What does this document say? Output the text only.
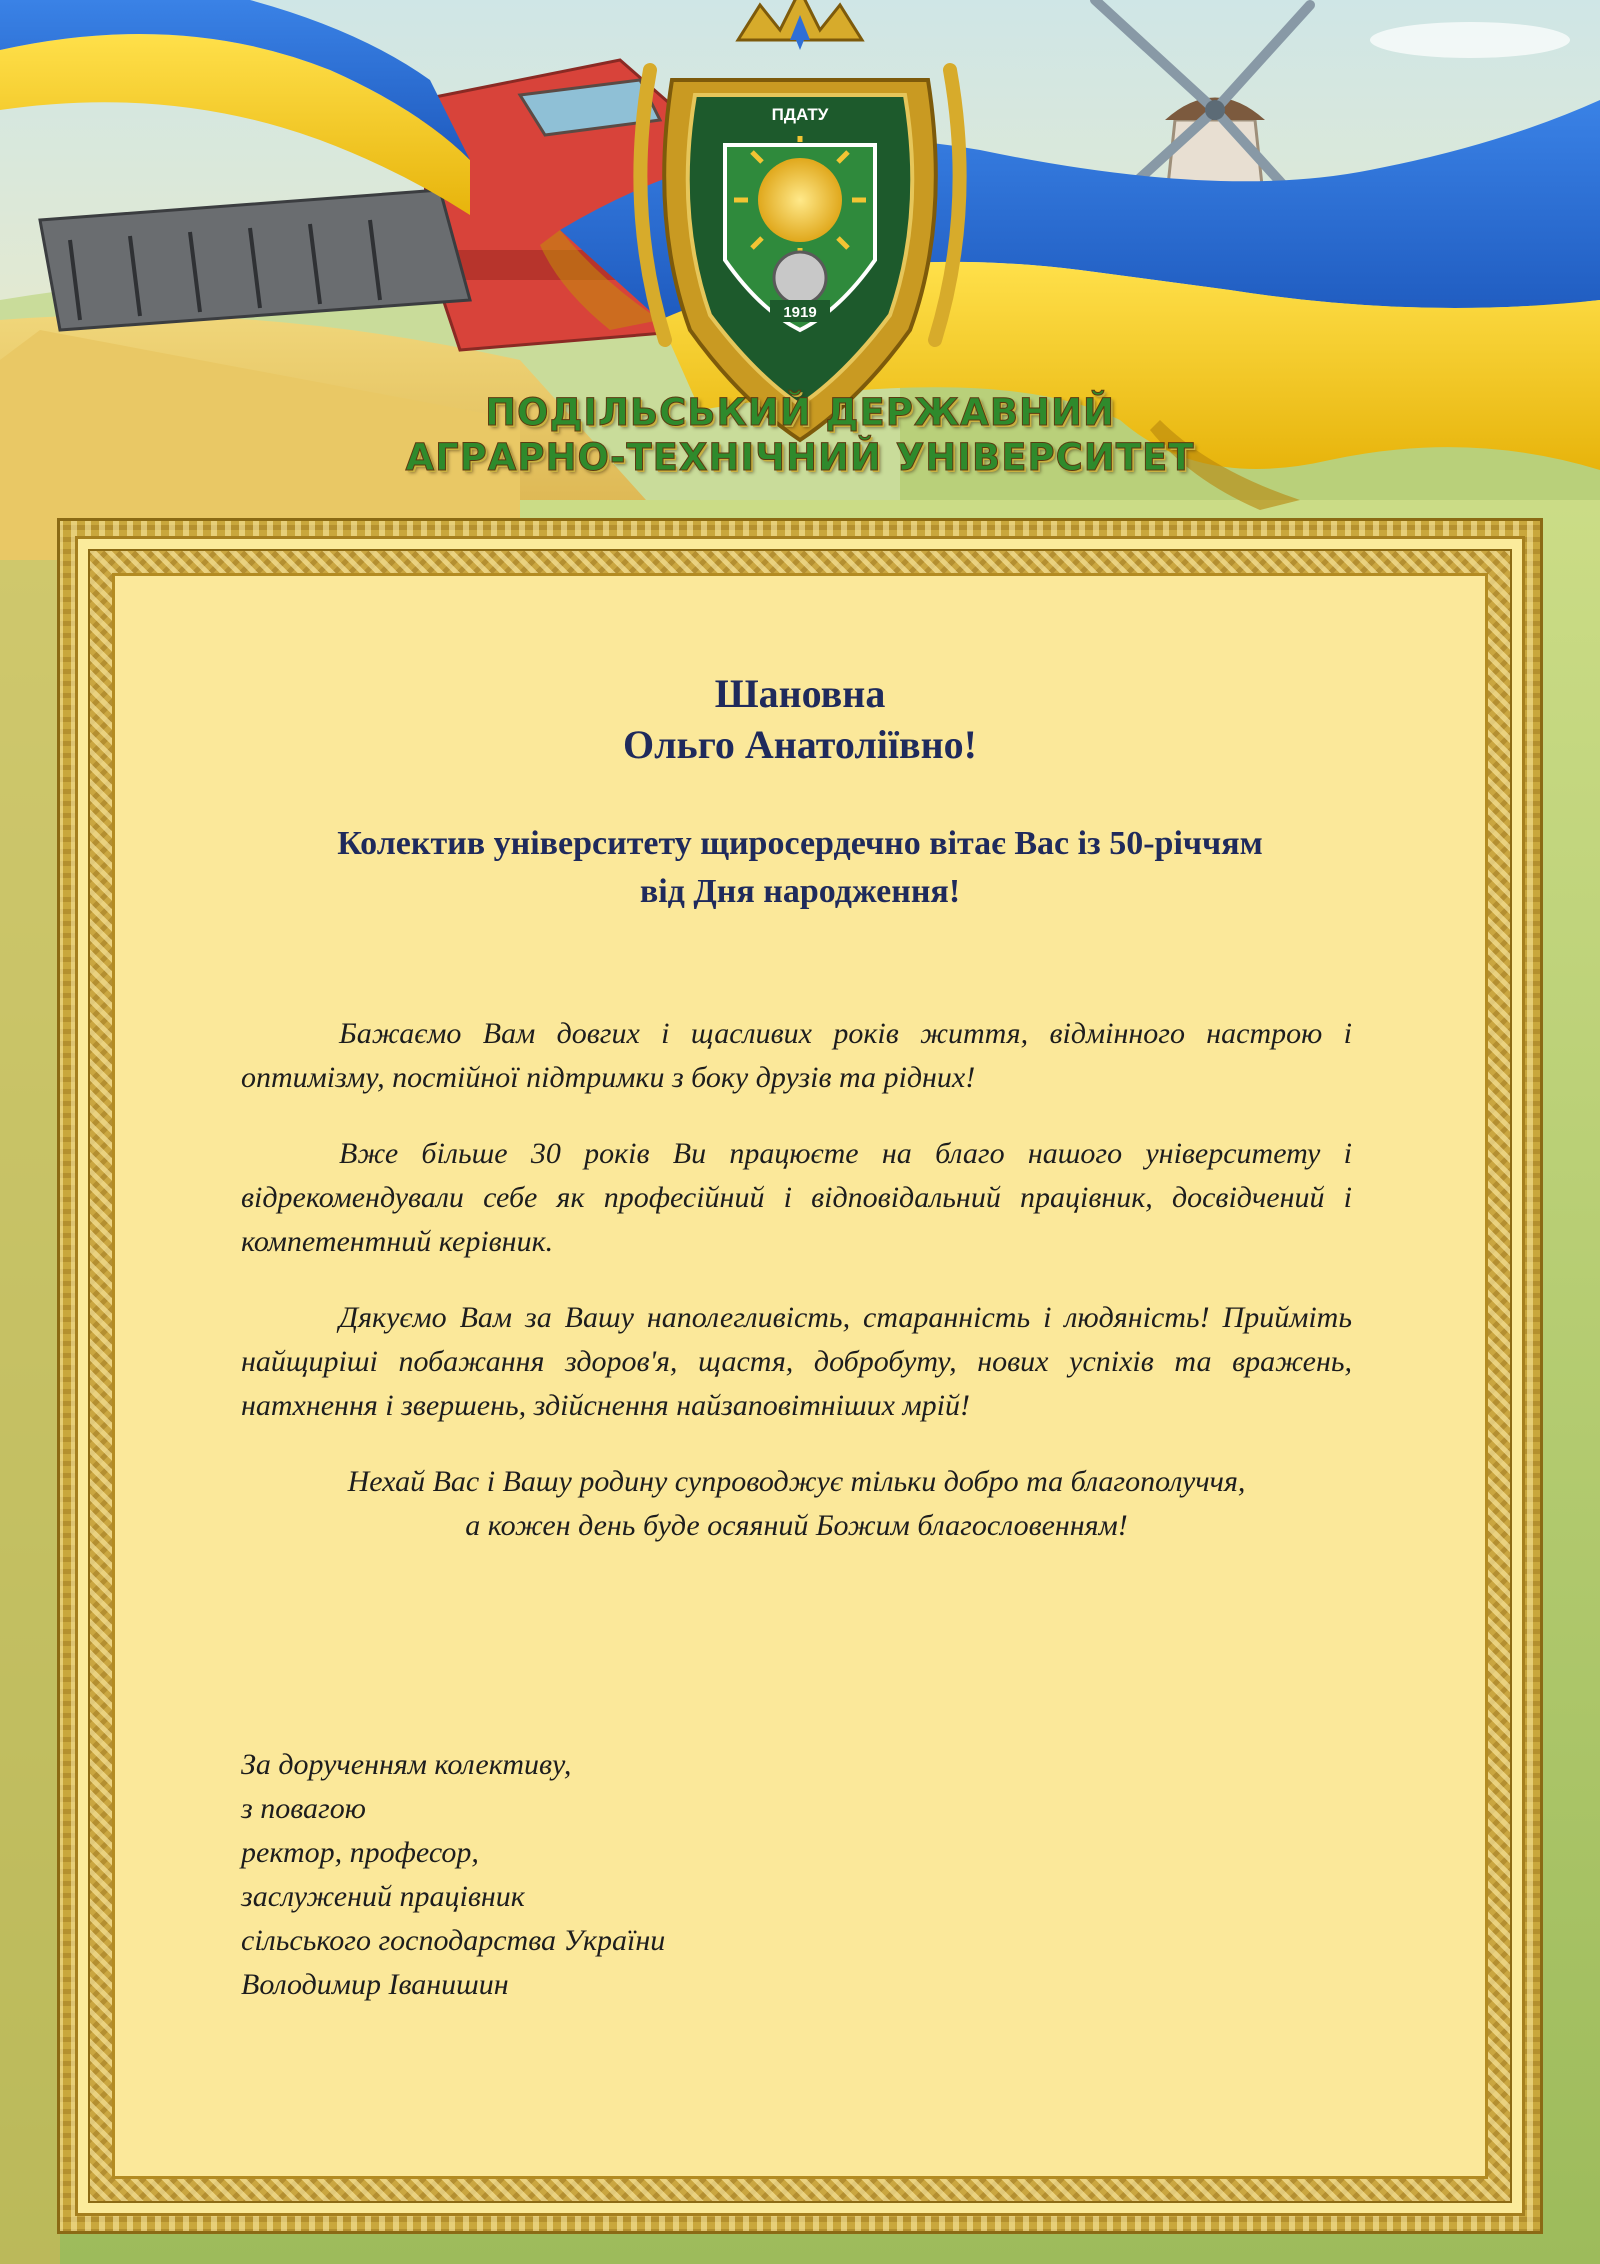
ПДАТУ
1919
ПОДІЛЬСЬКИЙ ДЕРЖАВНИЙ
АГРАРНО-ТЕХНІЧНИЙ УНІВЕРСИТЕТ
Шановна
Ольго Анатоліївно!
Колектив університету щиросердечно вітає Вас із 50-річчям
від Дня народження!

Бажаємо Вам довгих і щасливих років життя, відмінного настрою і оптимізму, постійної підтримки з боку друзів та рідних!

Вже більше 30 років Ви працюєте на благо нашого університету і відрекомендували себе як професійний і відповідальний працівник, досвідчений і компетентний керівник.

Дякуємо Вам за Вашу наполегливість, старанність і людяність! Прийміть найщиріші побажання здоров'я, щастя, добробуту, нових успіхів та вражень, натхнення і звершень, здійснення найзаповітніших мрій!

Нехай Вас і Вашу родину супроводжує тільки добро та благополуччя,
а кожен день буде осяяний Божим благословенням!

За дорученням колективу,
з повагою
ректор, професор,
заслужений працівник
сільського господарства України
Володимир Іванишин
